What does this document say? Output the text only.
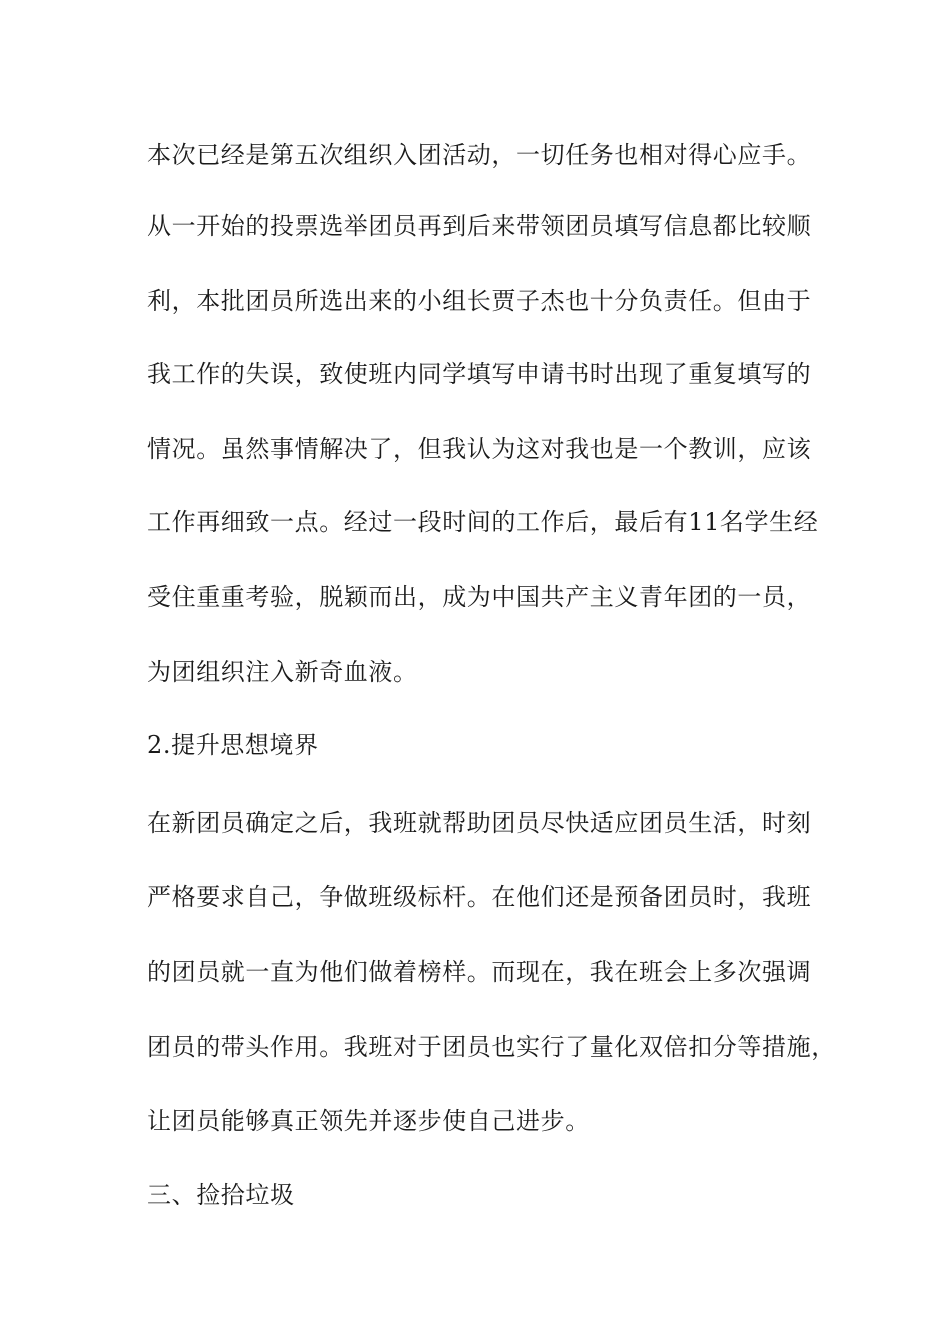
本次已经是第五次组织入团活动，一切任务也相对得心应手。
从一开始的投票选举团员再到后来带领团员填写信息都比较顺
利，本批团员所选出来的小组长贾子杰也十分负责任。但由于
我工作的失误，致使班内同学填写申请书时出现了重复填写的
情况。虽然事情解决了，但我认为这对我也是一个教训，应该
工作再细致一点。经过一段时间的工作后，最后有11名学生经
受住重重考验，脱颖而出，成为中国共产主义青年团的一员，
为团组织注入新奇血液。
2.提升思想境界
在新团员确定之后，我班就帮助团员尽快适应团员生活，时刻
严格要求自己，争做班级标杆。在他们还是预备团员时，我班
的团员就一直为他们做着榜样。而现在，我在班会上多次强调
团员的带头作用。我班对于团员也实行了量化双倍扣分等措施，
让团员能够真正领先并逐步使自己进步。
三、捡拾垃圾
